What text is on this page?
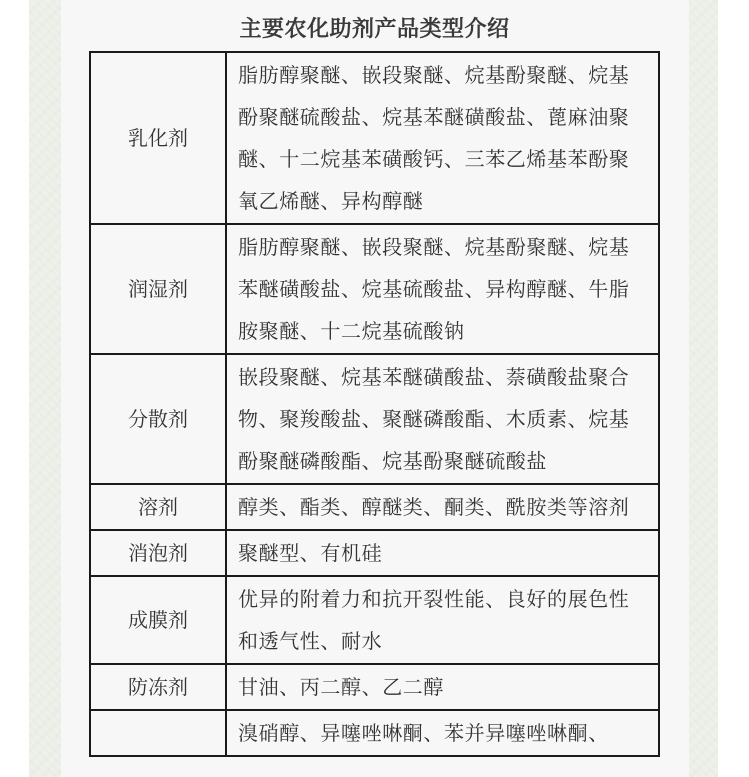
主要农化助剂产品类型介绍
乳化剂	脂肪醇聚醚、嵌段聚醚、烷基酚聚醚、烷基酚聚醚硫酸盐、烷基苯醚磺酸盐、蓖麻油聚醚、十二烷基苯磺酸钙、三苯乙烯基苯酚聚氧乙烯醚、异构醇醚
润湿剂	脂肪醇聚醚、嵌段聚醚、烷基酚聚醚、烷基苯醚磺酸盐、烷基硫酸盐、异构醇醚、牛脂胺聚醚、十二烷基硫酸钠
分散剂	嵌段聚醚、烷基苯醚磺酸盐、萘磺酸盐聚合物、聚羧酸盐、聚醚磷酸酯、木质素、烷基酚聚醚磷酸酯、烷基酚聚醚硫酸盐
溶剂	醇类、酯类、醇醚类、酮类、酰胺类等溶剂
消泡剂	聚醚型、有机硅
成膜剂	优异的附着力和抗开裂性能、良好的展色性和透气性、耐水
防冻剂	甘油、丙二醇、乙二醇
	溴硝醇、异噻唑啉酮、苯并异噻唑啉酮、
